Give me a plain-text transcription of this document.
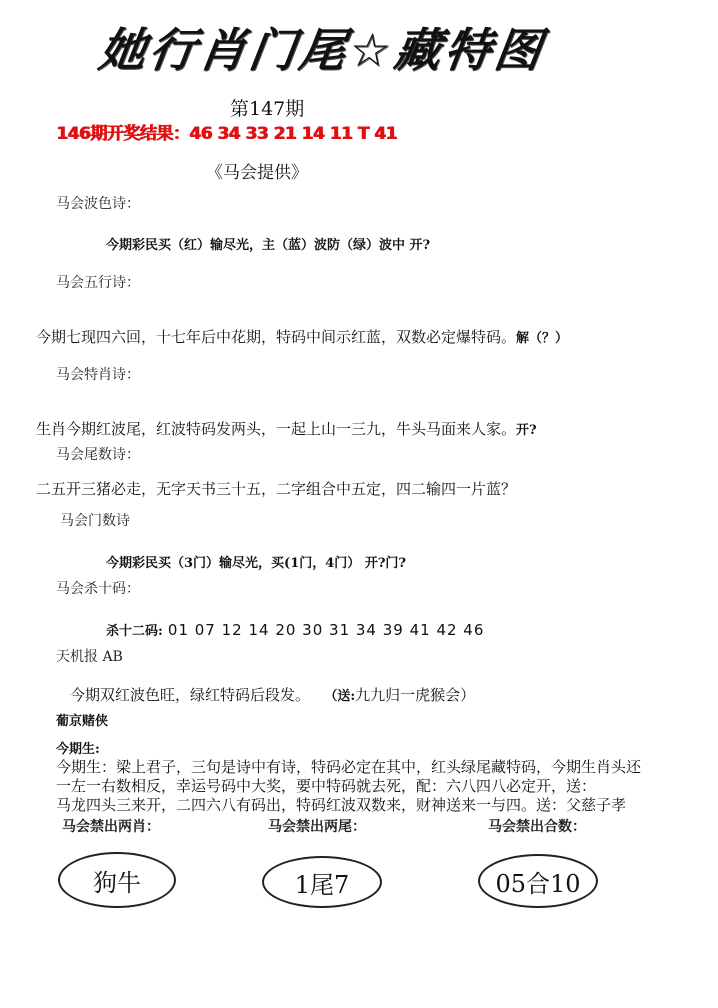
她行肖门尾☆藏特图
第147期
146期开奖结果：46 34 33 21 14 11 T 41
《马会提供》
马会波色诗：
今期彩民买（红）输尽光，主（蓝）波防（绿）波中 开?
马会五行诗：
今期七现四六回，十七年后中花期，特码中间示红蓝，双数必定爆特码。解（？）
马会特肖诗：
生肖今期红波尾，红波特码发两头，一起上山一三九，牛头马面来人家。开?
马会尾数诗：
二五开三猪必走，无字天书三十五，二字组合中五定，四二输四一片蓝？
马会门数诗
今期彩民买（3门）输尽光，买(1门，4门） 开?门?
马会杀十码：
杀十二码: 01 07 12 14 20 30 31 34 39 41 42 46
天机报 AB
今期双红波色旺，绿红特码后段发。 （送:九九归一虎猴会）
葡京赌侠
今期生:
今期生：梁上君子，三句是诗中有诗，特码必定在其中，红头绿尾藏特码，今期生肖头还
一左一右数相反，幸运号码中大奖，要中特码就去死，配：六八四八必定开，送：
马龙四头三来开，二四六八有码出，特码红波双数来，财神送来一与四。送：父慈子孝
马会禁出两肖：	马会禁出两尾：	马会禁出合数：
狗牛	1尾7	05合10
